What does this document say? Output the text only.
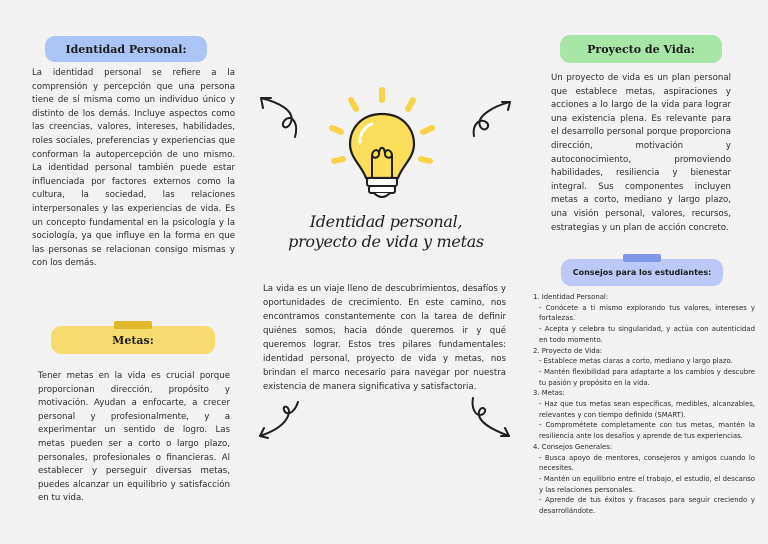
Identidad Personal:

La identidad personal se refiere a la comprensión y percepción que una persona tiene de sí misma como un individuo único y distinto de los demás. Incluye aspectos como las creencias, valores, intereses, habilidades, roles sociales, preferencias y experiencias que conforman la autopercepción de uno mismo. La identidad personal también puede estar influenciada por factores externos como la cultura, la sociedad, las relaciones interpersonales y las experiencias de vida. Es un concepto fundamental en la psicología y la sociología, ya que influye en la forma en que las personas se relacionan consigo mismas y con los demás.

Proyecto de Vida:

Un proyecto de vida es un plan personal que establece metas, aspiraciones y acciones a lo largo de la vida para lograr una existencia plena. Es relevante para el desarrollo personal porque proporciona dirección, motivación y autoconocimiento, promoviendo habilidades, resiliencia y bienestar integral. Sus componentes incluyen metas a corto, mediano y largo plazo, una visión personal, valores, recursos, estrategias y un plan de acción concreto.

Metas:

Tener metas en la vida es crucial porque proporcionan dirección, propósito y motivación. Ayudan a enfocarte, a crecer personal y profesionalmente, y a experimentar un sentido de logro. Las metas pueden ser a corto o largo plazo, personales, profesionales o financieras. Al establecer y perseguir diversas metas, puedes alcanzar un equilibrio y satisfacción en tu vida.

Consejos para los estudiantes:
1. Identidad Personal:
- Conócete a ti mismo explorando tus valores, intereses y fortalezas.
- Acepta y celebra tu singularidad, y actúa con autenticidad en todo momento.
2. Proyecto de Vida:
- Establece metas claras a corto, mediano y largo plazo.
- Mantén flexibilidad para adaptarte a los cambios y descubre tu pasión y propósito en la vida.
3. Metas:
- Haz que tus metas sean específicas, medibles, alcanzables, relevantes y con tiempo definido (SMART).
- Comprométete completamente con tus metas, mantén la resiliencia ante los desafíos y aprende de tus experiencias.
4. Consejos Generales:
- Busca apoyo de mentores, consejeros y amigos cuando lo necesites.
- Mantén un equilibrio entre el trabajo, el estudio, el descanso y las relaciones personales.
- Aprende de tus éxitos y fracasos para seguir creciendo y desarrollándote.
Identidad personal, proyecto de vida y metas

La vida es un viaje lleno de descubrimientos, desafíos y oportunidades de crecimiento. En este camino, nos encontramos constantemente con la tarea de definir quiénes somos, hacia dónde queremos ir y qué queremos lograr. Estos tres pilares fundamentales: identidad personal, proyecto de vida y metas, nos brindan el marco necesario para navegar por nuestra existencia de manera significativa y satisfactoria.
